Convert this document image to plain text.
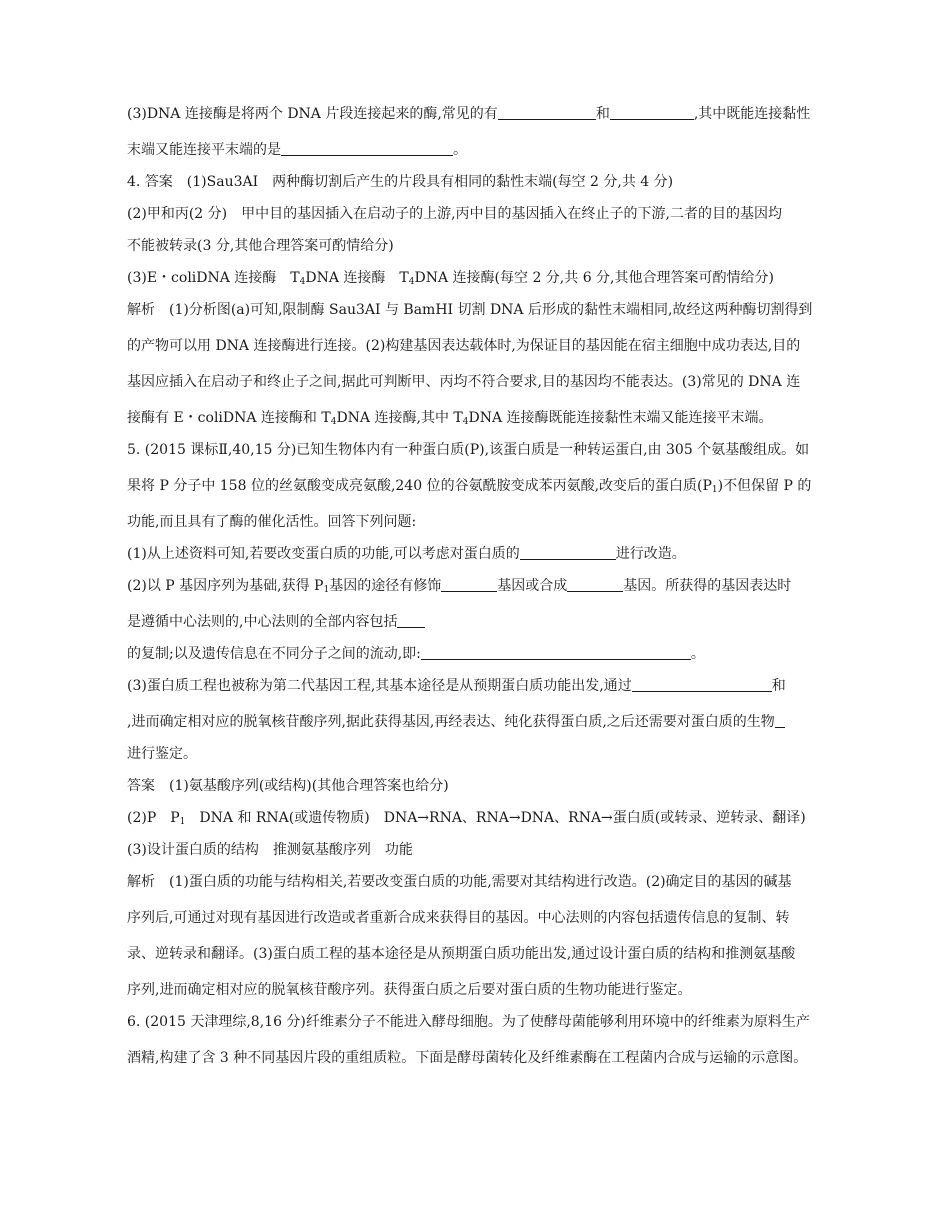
(3)DNA 连接酶是将两个 DNA 片段连接起来的酶,常见的有	和	,其中既能连接黏性
末端又能连接平末端的是	。
4. 答案　(1)Sau3AⅠ　两种酶切割后产生的片段具有相同的黏性末端(每空 2 分,共 4 分)
(2)甲和丙(2 分)　甲中目的基因插入在启动子的上游,丙中目的基因插入在终止子的下游,二者的目的基因均
不能被转录(3 分,其他合理答案可酌情给分)
(3)E・coliDNA 连接酶　$T_4DNA$ 连接酶　$T_4DNA$ 连接酶(每空 2 分,共 6 分,其他合理答案可酌情给分)
解析　(1)分析图(a)可知,限制酶 Sau3AⅠ 与 BamHⅠ 切割 DNA 后形成的黏性末端相同,故经这两种酶切割得到
的产物可以用 DNA 连接酶进行连接。(2)构建基因表达载体时,为保证目的基因能在宿主细胞中成功表达,目的
基因应插入在启动子和终止子之间,据此可判断甲、丙均不符合要求,目的基因均不能表达。(3)常见的 DNA 连
接酶有 E・coliDNA 连接酶和 $T_4DNA$ 连接酶,其中 $T_4DNA$ 连接酶既能连接黏性末端又能连接平末端。
5. (2015 课标Ⅱ,40,15 分)已知生物体内有一种蛋白质(P),该蛋白质是一种转运蛋白,由 305 个氨基酸组成。如
果将 P 分子中 158 位的丝氨酸变成亮氨酸,240 位的谷氨酰胺变成苯丙氨酸,改变后的蛋白质$(P_1)$不但保留 P 的
功能,而且具有了酶的催化活性。回答下列问题:
(1)从上述资料可知,若要改变蛋白质的功能,可以考虑对蛋白质的	进行改造。
(2)以 P 基因序列为基础,获得 $P_1$基因的途径有修饰	基因或合成	基因。所获得的基因表达时
是遵循中心法则的,中心法则的全部内容包括
的复制;以及遗传信息在不同分子之间的流动,即:	。
(3)蛋白质工程也被称为第二代基因工程,其基本途径是从预期蛋白质功能出发,通过	和
,进而确定相对应的脱氧核苷酸序列,据此获得基因,再经表达、纯化获得蛋白质,之后还需要对蛋白质的生物
进行鉴定。
答案　(1)氨基酸序列(或结构)(其他合理答案也给分)
(2)P　$P_1$　DNA 和 RNA(或遗传物质)　DNA→RNA、RNA→DNA、RNA→蛋白质(或转录、逆转录、翻译)
(3)设计蛋白质的结构　推测氨基酸序列　功能
解析　(1)蛋白质的功能与结构相关,若要改变蛋白质的功能,需要对其结构进行改造。(2)确定目的基因的碱基
序列后,可通过对现有基因进行改造或者重新合成来获得目的基因。中心法则的内容包括遗传信息的复制、转
录、逆转录和翻译。(3)蛋白质工程的基本途径是从预期蛋白质功能出发,通过设计蛋白质的结构和推测氨基酸
序列,进而确定相对应的脱氧核苷酸序列。获得蛋白质之后要对蛋白质的生物功能进行鉴定。
6. (2015 天津理综,8,16 分)纤维素分子不能进入酵母细胞。为了使酵母菌能够利用环境中的纤维素为原料生产
酒精,构建了含 3 种不同基因片段的重组质粒。下面是酵母菌转化及纤维素酶在工程菌内合成与运输的示意图。
